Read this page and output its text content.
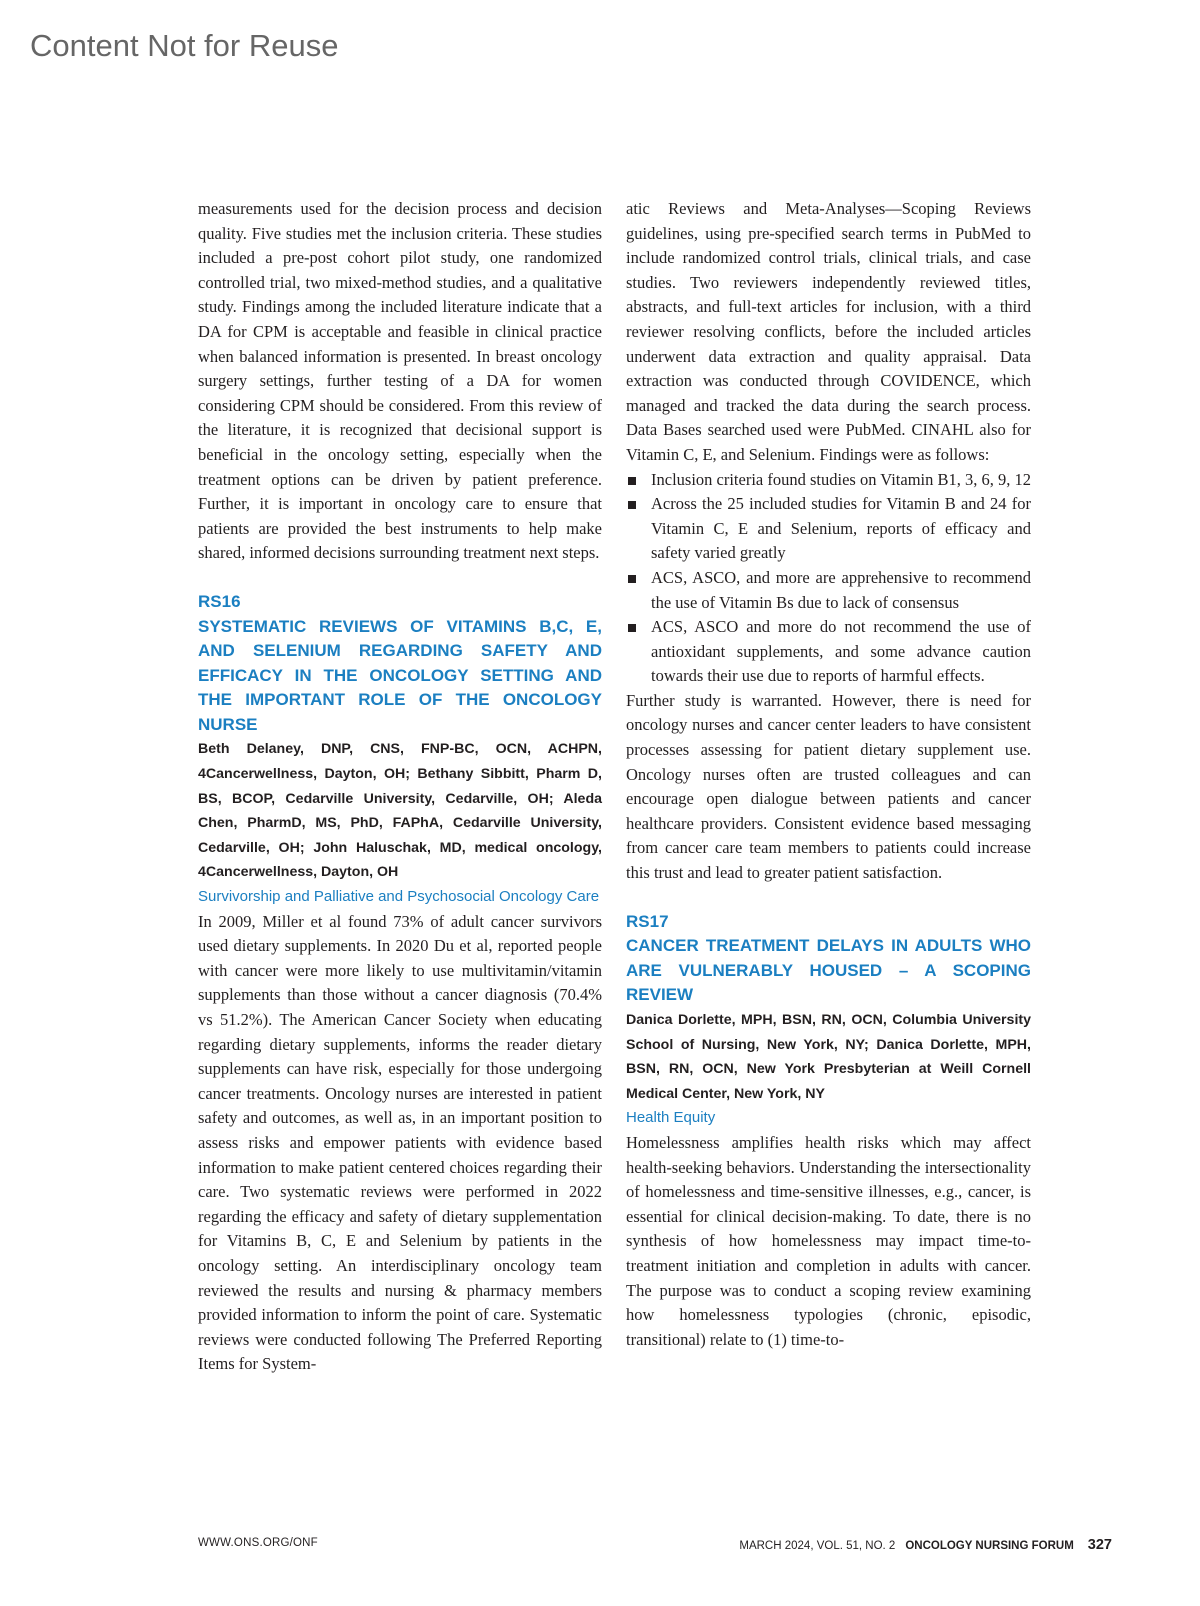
Content Not for Reuse

measurements used for the decision process and decision quality. Five studies met the inclusion criteria. These studies included a pre-post cohort pilot study, one randomized controlled trial, two mixed-method studies, and a qualitative study. Findings among the included literature indicate that a DA for CPM is acceptable and feasible in clinical practice when balanced information is presented. In breast oncology surgery settings, further testing of a DA for women considering CPM should be considered. From this review of the literature, it is recognized that decisional support is beneficial in the oncology setting, especially when the treatment options can be driven by patient preference. Further, it is important in oncology care to ensure that patients are provided the best instruments to help make shared, informed decisions surrounding treatment next steps.

RS16

SYSTEMATIC REVIEWS OF VITAMINS B,C, E, AND SELENIUM REGARDING SAFETY AND EFFICACY IN THE ONCOLOGY SETTING AND THE IMPORTANT ROLE OF THE ONCOLOGY NURSE

Beth Delaney, DNP, CNS, FNP-BC, OCN, ACHPN, 4Cancerwellness, Dayton, OH; Bethany Sibbitt, Pharm D, BS, BCOP, Cedarville University, Cedarville, OH; Aleda Chen, PharmD, MS, PhD, FAPhA, Cedarville University, Cedarville, OH; John Haluschak, MD, medical oncology, 4Cancerwellness, Dayton, OH

Survivorship and Palliative and Psychosocial Oncology Care

In 2009, Miller et al found 73% of adult cancer survivors used dietary supplements. In 2020 Du et al, reported people with cancer were more likely to use multivitamin/vitamin supplements than those without a cancer diagnosis (70.4% vs 51.2%). The American Cancer Society when educating regarding dietary supplements, informs the reader dietary supplements can have risk, especially for those undergoing cancer treatments. Oncology nurses are interested in patient safety and outcomes, as well as, in an important position to assess risks and empower patients with evidence based information to make patient centered choices regarding their care. Two systematic reviews were performed in 2022 regarding the efficacy and safety of dietary supplementation for Vitamins B, C, E and Selenium by patients in the oncology setting. An interdisciplinary oncology team reviewed the results and nursing & pharmacy members provided information to inform the point of care. Systematic reviews were conducted following The Preferred Reporting Items for System-

atic Reviews and Meta-Analyses—Scoping Reviews guidelines, using pre-specified search terms in PubMed to include randomized control trials, clinical trials, and case studies. Two reviewers independently reviewed titles, abstracts, and full-text articles for inclusion, with a third reviewer resolving conflicts, before the included articles underwent data extraction and quality appraisal. Data extraction was conducted through COVIDENCE, which managed and tracked the data during the search process. Data Bases searched used were PubMed. CINAHL also for Vitamin C, E, and Selenium. Findings were as follows:

Inclusion criteria found studies on Vitamin B1, 3, 6, 9, 12
Across the 25 included studies for Vitamin B and 24 for Vitamin C, E and Selenium, reports of efficacy and safety varied greatly
ACS, ASCO, and more are apprehensive to recommend the use of Vitamin Bs due to lack of consensus
ACS, ASCO and more do not recommend the use of antioxidant supplements, and some advance caution towards their use due to reports of harmful effects.

Further study is warranted. However, there is need for oncology nurses and cancer center leaders to have consistent processes assessing for patient dietary supplement use. Oncology nurses often are trusted colleagues and can encourage open dialogue between patients and cancer healthcare providers. Consistent evidence based messaging from cancer care team members to patients could increase this trust and lead to greater patient satisfaction.

RS17

CANCER TREATMENT DELAYS IN ADULTS WHO ARE VULNERABLY HOUSED – A SCOPING REVIEW

Danica Dorlette, MPH, BSN, RN, OCN, Columbia University School of Nursing, New York, NY; Danica Dorlette, MPH, BSN, RN, OCN, New York Presbyterian at Weill Cornell Medical Center, New York, NY

Health Equity

Homelessness amplifies health risks which may affect health-seeking behaviors. Understanding the intersectionality of homelessness and time-sensitive illnesses, e.g., cancer, is essential for clinical decision-making. To date, there is no synthesis of how homelessness may impact time-to-treatment initiation and completion in adults with cancer. The purpose was to conduct a scoping review examining how homelessness typologies (chronic, episodic, transitional) relate to (1) time-to-

WWW.ONS.ORG/ONF	MARCH 2024, VOL. 51, NO. 2 ONCOLOGY NURSING FORUM 327
